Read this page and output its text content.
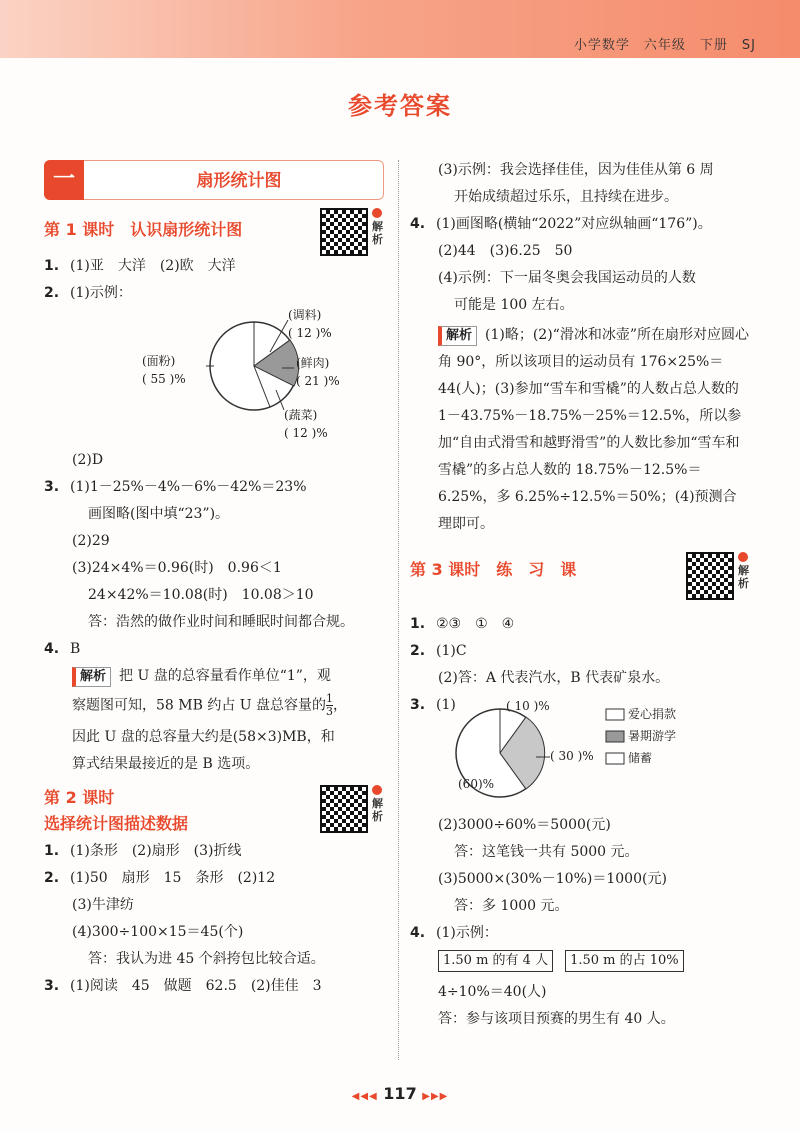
小学数学　六年级　下册　SJ
参考答案
一	扇形统计图
第 1 课时　认识扇形统计图	解析
1. (1)亚　大洋　(2)欧　大洋
2. (1)示例：
(面粉)
( 55 )%
(调料)
( 12 )%
(鲜肉)
( 21 )%
(蔬菜)
( 12 )%
(2)D
3. (1)1－25%－4%－6%－42%＝23%
画图略(图中填“23”)。
(2)29
(3)24×4%＝0.96(时)　0.96＜1
24×42%＝10.08(时)　10.08＞10
答：浩然的做作业时间和睡眠时间都合规。
4. B
解析 把 U 盘的总容量看作单位“1”，观
察题图可知，58 MB 约占 U 盘总容量的 $\frac{1}{3}$ ，
因此 U 盘的总容量大约是(58×3)MB，和
算式结果最接近的是 B 选项。
第 2 课时
选择统计图描述数据
解析
1. (1)条形　(2)扇形　(3)折线
2. (1)50　扇形　15　条形　(2)12
(3)牛津纺
(4)300÷100×15＝45(个)
答：我认为进 45 个斜挎包比较合适。
3. (1)阅读　45　做题　62.5　(2)佳佳　3
(3)示例：我会选择佳佳，因为佳佳从第 6 周
开始成绩超过乐乐，且持续在进步。
4. (1)画图略(横轴“2022”对应纵轴画“176”)。
(2)44　(3)6.25　50
(4)示例：下一届冬奥会我国运动员的人数
可能是 100 左右。
解析 (1)略；(2)“滑冰和冰壶”所在扇形对应圆心角 90°，所以该项目的运动员有 176×25%＝44(人)；(3)参加“雪车和雪橇”的人数占总人数的 1－43.75%－18.75%－25%＝12.5%，所以参加“自由式滑雪和越野滑雪”的人数比参加“雪车和雪橇”的多占总人数的 18.75%－12.5%＝6.25%，多 6.25%÷12.5%＝50%；(4)预测合理即可。
第 3 课时　练　习　课	解析
1. ②③　①　④
2. (1)C
(2)答：A 代表汽水，B 代表矿泉水。
3. (1)	( 10 )%
( 30 )%
(60)%
爱心捐款
暑期游学
储蓄
(2)3000÷60%＝5000(元)
答：这笔钱一共有 5000 元。
(3)5000×(30%－10%)＝1000(元)
答：多 1000 元。
4. (1)示例：
1.50 m 的有 4 人 1.50 m 的占 10%
4÷10%＝40(人)
答：参与该项目预赛的男生有 40 人。
◀◀◀ 117 ▶▶▶
